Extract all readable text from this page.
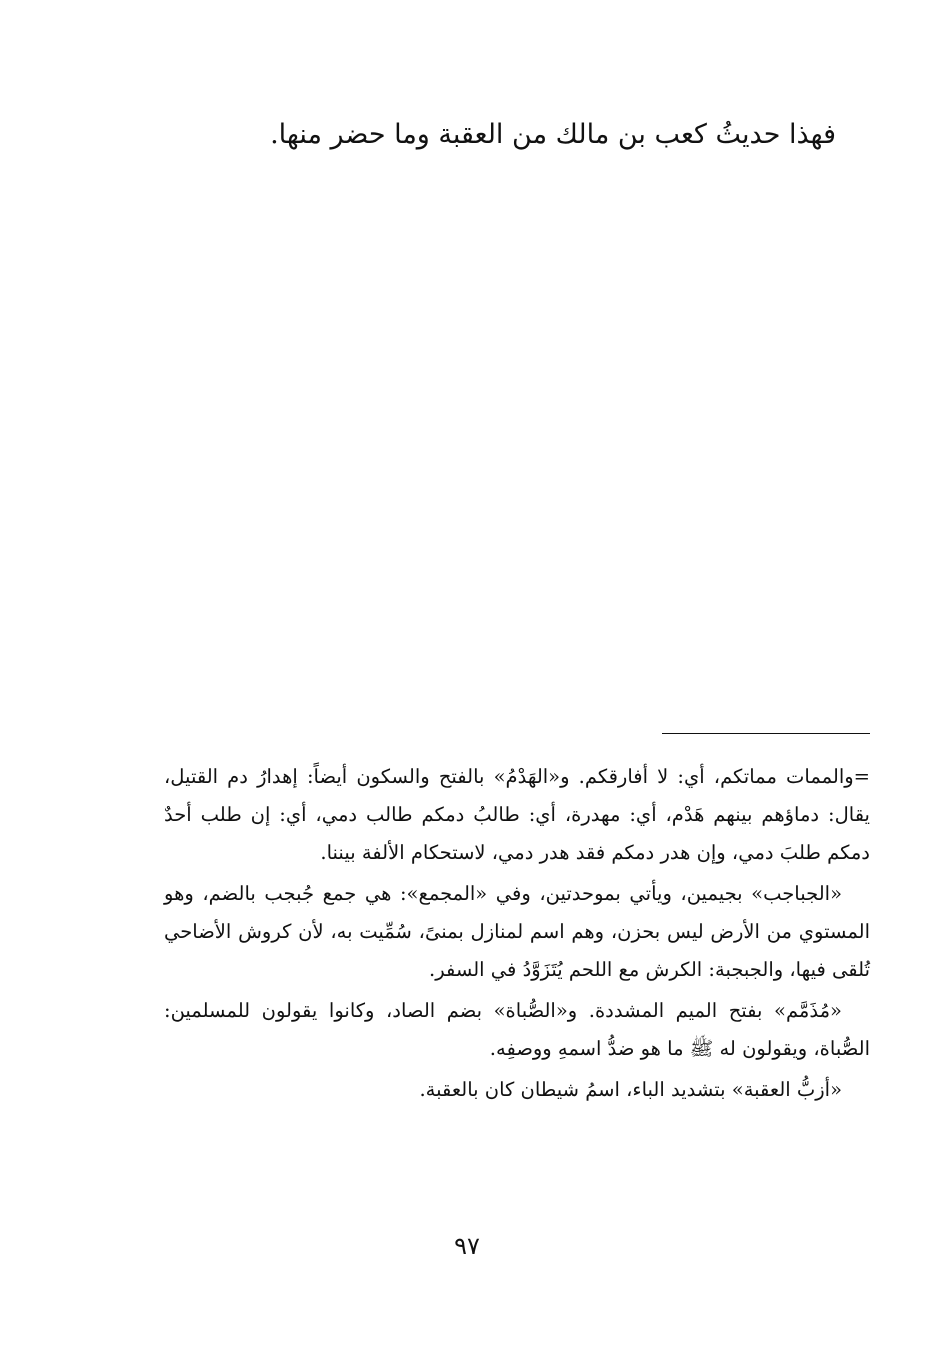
فهذا حديثُ كعب بن مالك من العقبة وما حضر منها.

=والممات مماتكم، أي: لا أفارقكم. و«الهَدْمُ» بالفتح والسكون أيضاً: إهدارُ دم القتيل، يقال: دماؤهم بينهم هَدْم، أي: مهدرة، أي: طالبُ دمكم طالب دمي، أي: إن طلب أحدٌ دمكم طلبَ دمي، وإن هدر دمكم فقد هدر دمي، لاستحكام الألفة بيننا.

«الجباجب» بجيمين، ويأتي بموحدتين، وفي «المجمع»: هي جمع جُبجب بالضم، وهو المستوي من الأرض ليس بحزن، وهم اسم لمنازل بمنىً، سُمِّيت به، لأن كروش الأضاحي تُلقى فيها، والجبجبة: الكرش مع اللحم يُتَزَوَّدُ في السفر.

«مُذَمَّم» بفتح الميم المشددة. و«الصُّباة» بضم الصاد، وكانوا يقولون للمسلمين: الصُّباة، ويقولون له ﷺ ما هو ضدُّ اسمهِ ووصفِه.

«أزبُّ العقبة» بتشديد الباء، اسمُ شيطان كان بالعقبة.

٩٧
